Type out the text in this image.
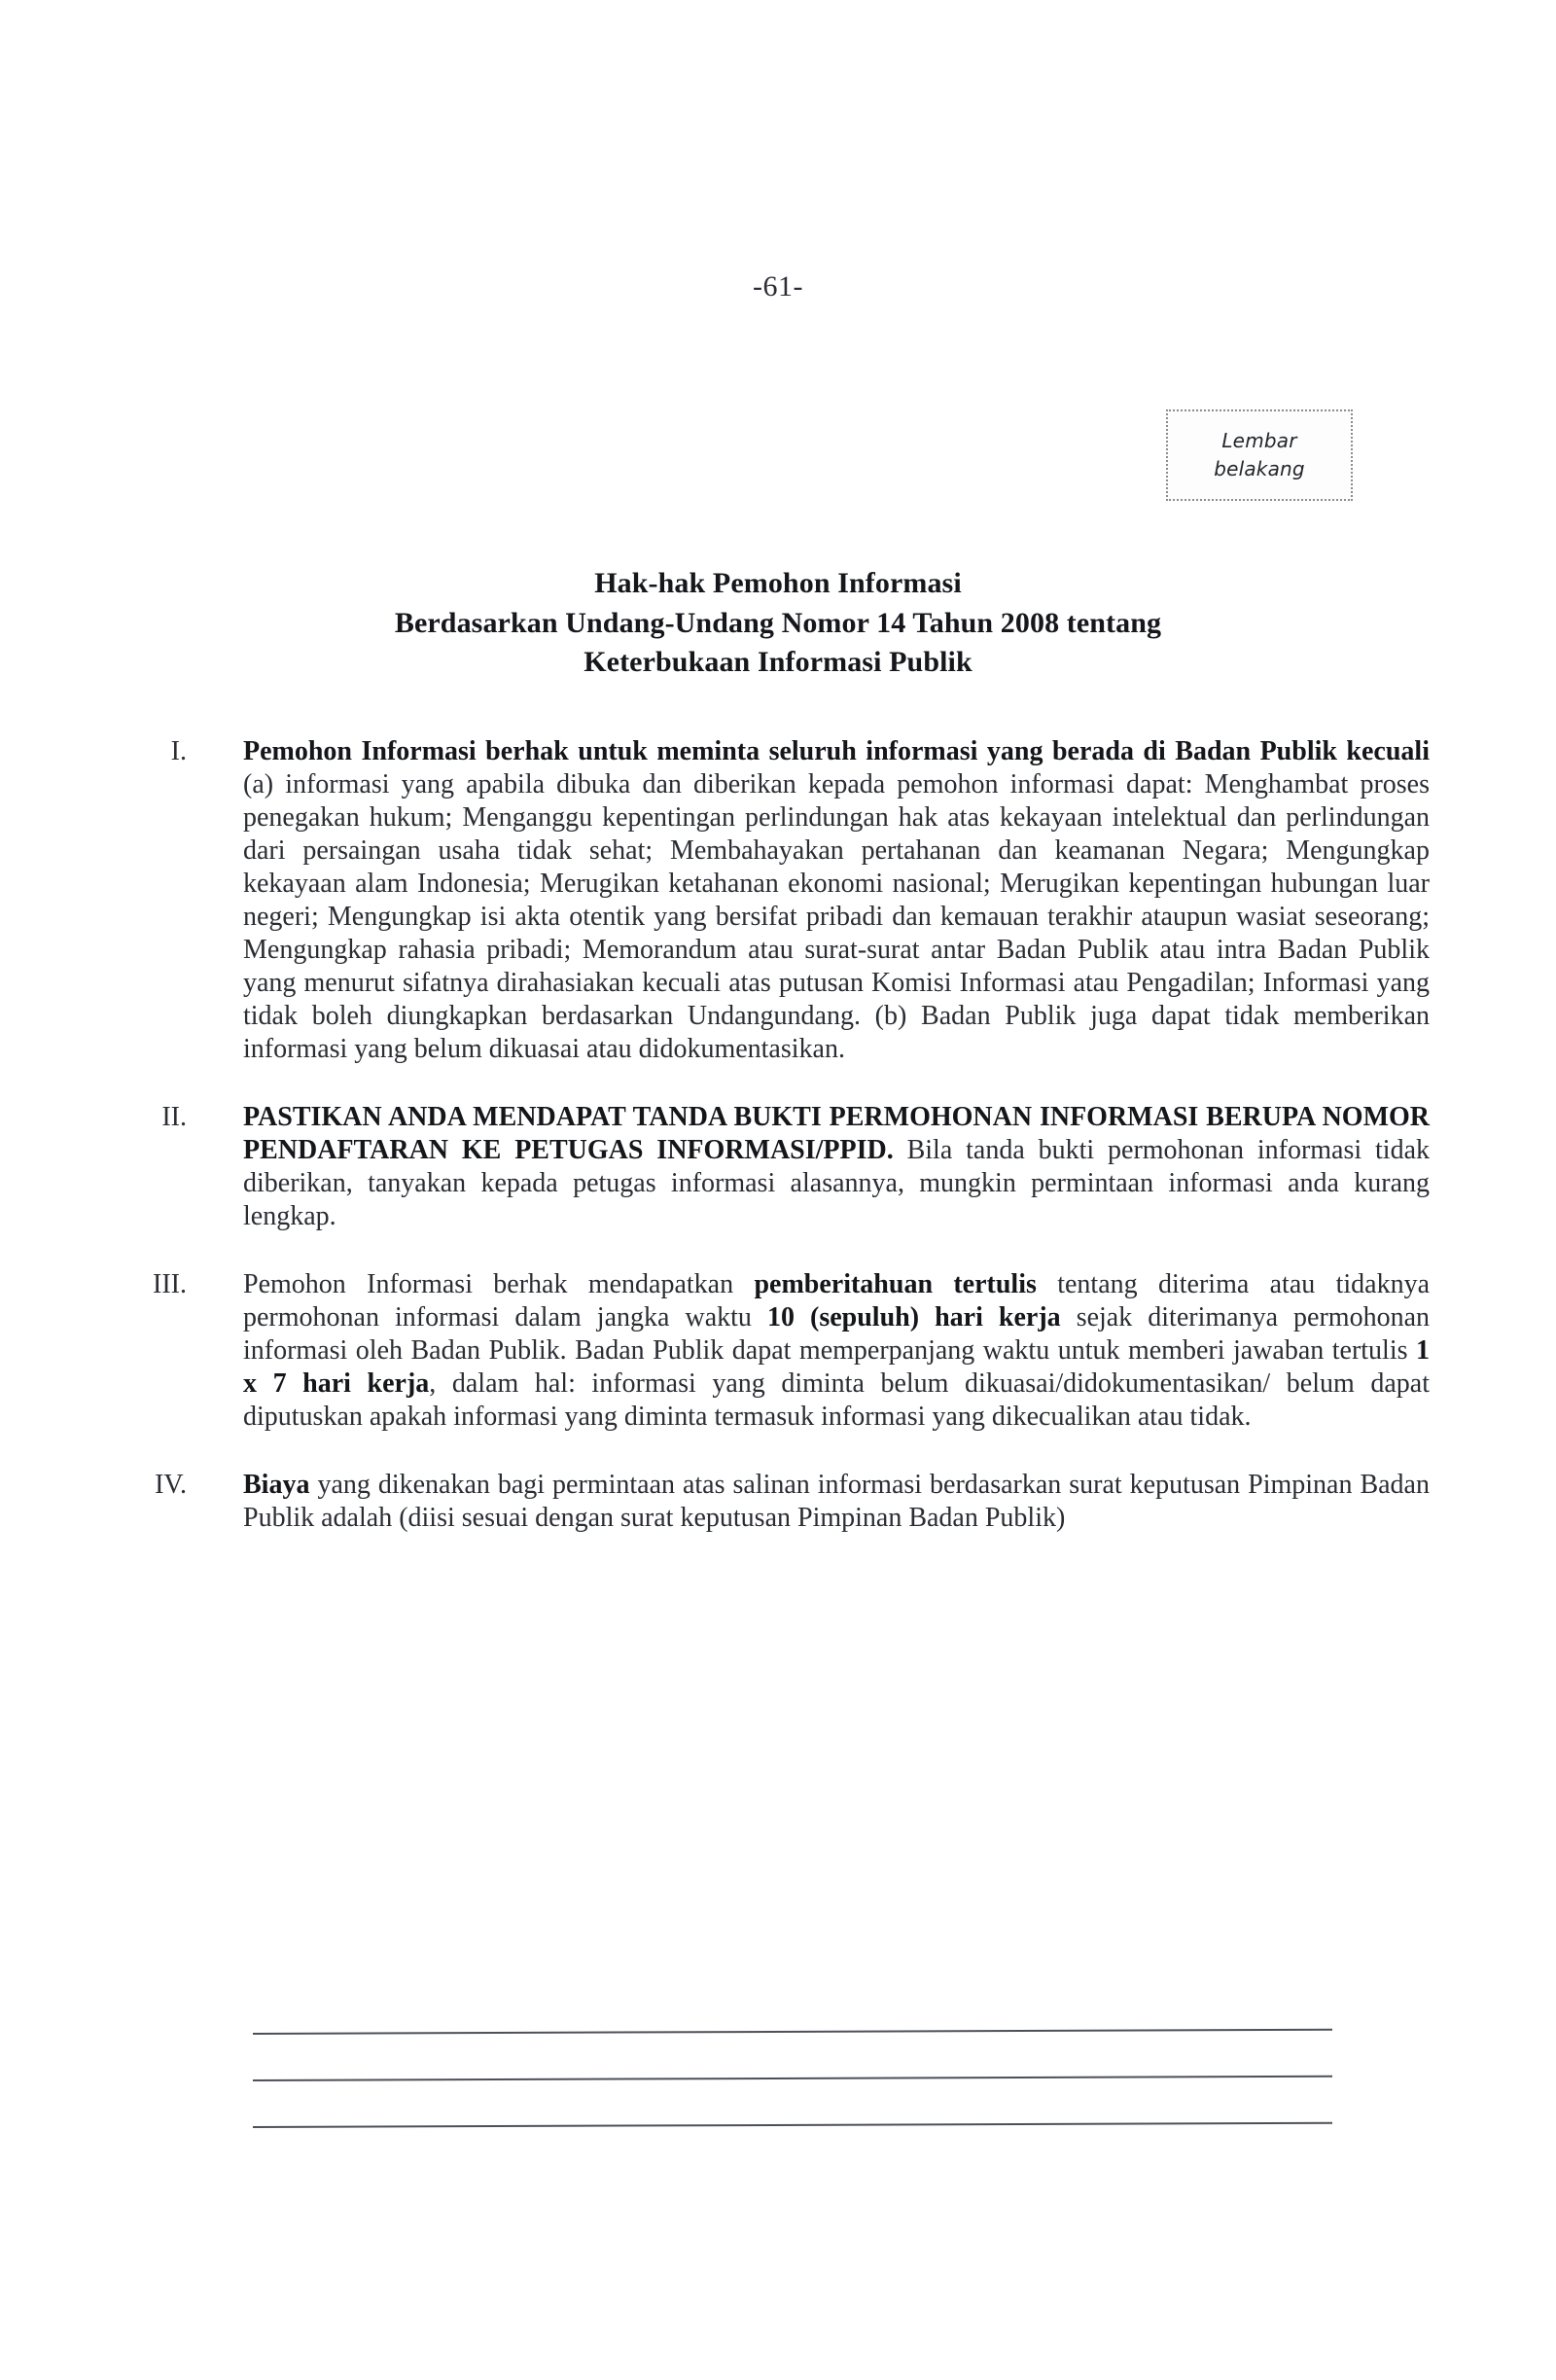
-61-
Lembar
belakang
Hak-hak Pemohon Informasi
Berdasarkan Undang-Undang Nomor 14 Tahun 2008 tentang
Keterbukaan Informasi Publik
I.	Pemohon Informasi berhak untuk meminta seluruh informasi yang berada di Badan Publik kecuali (a) informasi yang apabila dibuka dan diberikan kepada pemohon informasi dapat: Menghambat proses penegakan hukum; Menganggu kepentingan perlindungan hak atas kekayaan intelektual dan perlindungan dari persaingan usaha tidak sehat; Membahayakan pertahanan dan keamanan Negara; Mengungkap kekayaan alam Indonesia; Merugikan ketahanan ekonomi nasional; Merugikan kepentingan hubungan luar negeri; Mengungkap isi akta otentik yang bersifat pribadi dan kemauan terakhir ataupun wasiat seseorang; Mengungkap rahasia pribadi; Memorandum atau surat-surat antar Badan Publik atau intra Badan Publik yang menurut sifatnya dirahasiakan kecuali atas putusan Komisi Informasi atau Pengadilan; Informasi yang tidak boleh diungkapkan berdasarkan Undangundang. (b) Badan Publik juga dapat tidak memberikan informasi yang belum dikuasai atau didokumentasikan.
II.	PASTIKAN ANDA MENDAPAT TANDA BUKTI PERMOHONAN INFORMASI BERUPA NOMOR PENDAFTARAN KE PETUGAS INFORMASI/PPID. Bila tanda bukti permohonan informasi tidak diberikan, tanyakan kepada petugas informasi alasannya, mungkin permintaan informasi anda kurang lengkap.
III.	Pemohon Informasi berhak mendapatkan pemberitahuan tertulis tentang diterima atau tidaknya permohonan informasi dalam jangka waktu 10 (sepuluh) hari kerja sejak diterimanya permohonan informasi oleh Badan Publik. Badan Publik dapat memperpanjang waktu untuk memberi jawaban tertulis 1 x 7 hari kerja, dalam hal: informasi yang diminta belum dikuasai/didokumentasikan/ belum dapat diputuskan apakah informasi yang diminta termasuk informasi yang dikecualikan atau tidak.
IV.	Biaya yang dikenakan bagi permintaan atas salinan informasi berdasarkan surat keputusan Pimpinan Badan Publik adalah (diisi sesuai dengan surat keputusan Pimpinan Badan Publik)
